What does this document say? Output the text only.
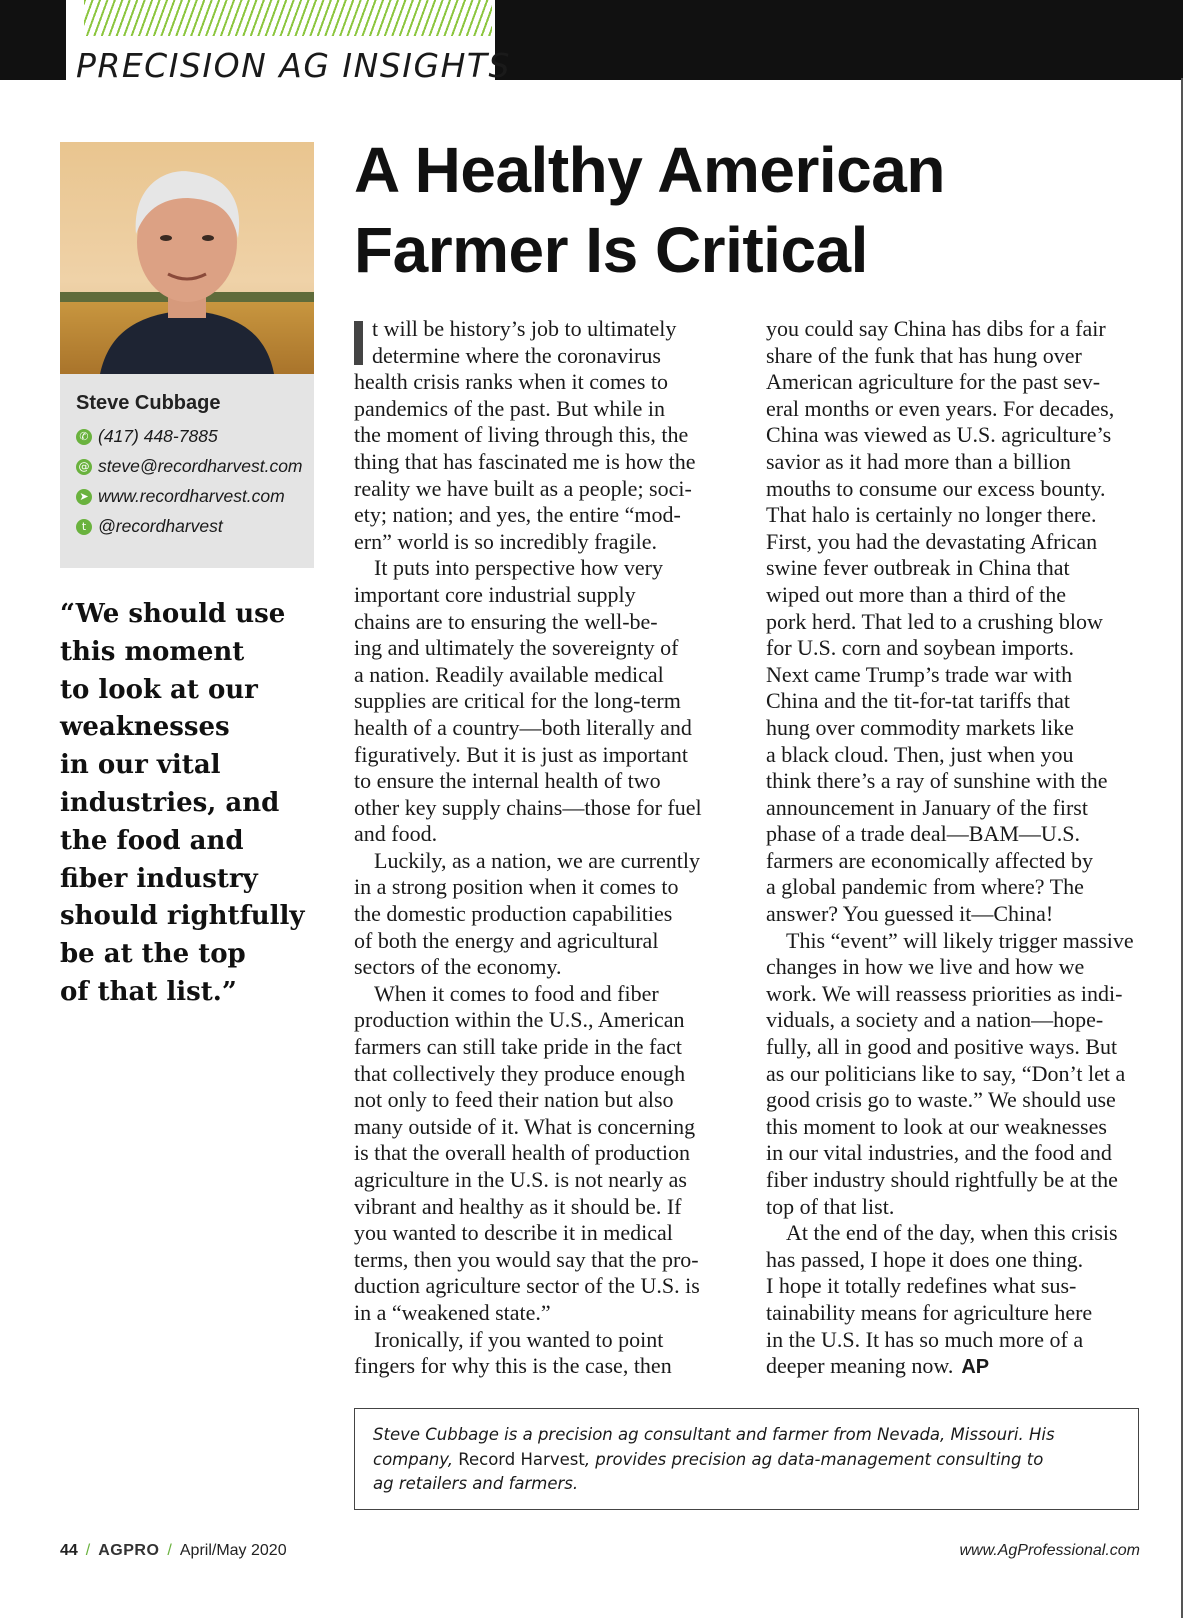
PRECISION AG INSIGHTS
Steve Cubbage
✆ (417) 448-7885
@ steve@recordharvest.com
➤ www.recordharvest.com
t @recordharvest
“We should use
this moment
to look at our
weaknesses
in our vital
industries, and
the food and
fiber industry
should rightfully
be at the top
of that list.”
A Healthy American
Farmer Is Critical
t will be history’s job to ultimately
determine where the coronavirus
health crisis ranks when it comes to
pandemics of the past. But while in
the moment of living through this, the
thing that has fascinated me is how the
reality we have built as a people; soci-
ety; nation; and yes, the entire “mod-
ern” world is so incredibly fragile.
It puts into perspective how very
important core industrial supply
chains are to ensuring the well-be-
ing and ultimately the sovereignty of
a nation. Readily available medical
supplies are critical for the long-term
health of a country—both literally and
figuratively. But it is just as important
to ensure the internal health of two
other key supply chains—those for fuel
and food.
Luckily, as a nation, we are currently
in a strong position when it comes to
the domestic production capabilities
of both the energy and agricultural
sectors of the economy.
When it comes to food and fiber
production within the U.S., American
farmers can still take pride in the fact
that collectively they produce enough
not only to feed their nation but also
many outside of it. What is concerning
is that the overall health of production
agriculture in the U.S. is not nearly as
vibrant and healthy as it should be. If
you wanted to describe it in medical
terms, then you would say that the pro-
duction agriculture sector of the U.S. is
in a “weakened state.”
Ironically, if you wanted to point
fingers for why this is the case, then
you could say China has dibs for a fair
share of the funk that has hung over
American agriculture for the past sev-
eral months or even years. For decades,
China was viewed as U.S. agriculture’s
savior as it had more than a billion
mouths to consume our excess bounty.
That halo is certainly no longer there.
First, you had the devastating African
swine fever outbreak in China that
wiped out more than a third of the
pork herd. That led to a crushing blow
for U.S. corn and soybean imports.
Next came Trump’s trade war with
China and the tit-for-tat tariffs that
hung over commodity markets like
a black cloud. Then, just when you
think there’s a ray of sunshine with the
announcement in January of the first
phase of a trade deal—BAM—U.S.
farmers are economically affected by
a global pandemic from where? The
answer? You guessed it—China!
This “event” will likely trigger massive
changes in how we live and how we
work. We will reassess priorities as indi-
viduals, a society and a nation—hope-
fully, all in good and positive ways. But
as our politicians like to say, “Don’t let a
good crisis go to waste.” We should use
this moment to look at our weaknesses
in our vital industries, and the food and
fiber industry should rightfully be at the
top of that list.
At the end of the day, when this crisis
has passed, I hope it does one thing.
I hope it totally redefines what sus-
tainability means for agriculture here
in the U.S. It has so much more of a
deeper meaning now. AP
Steve Cubbage is a precision ag consultant and farmer from Nevada, Missouri. His
company, Record Harvest, provides precision ag data-management consulting to
ag retailers and farmers.
44 / AGPRO / April/May 2020	www.AgProfessional.com
